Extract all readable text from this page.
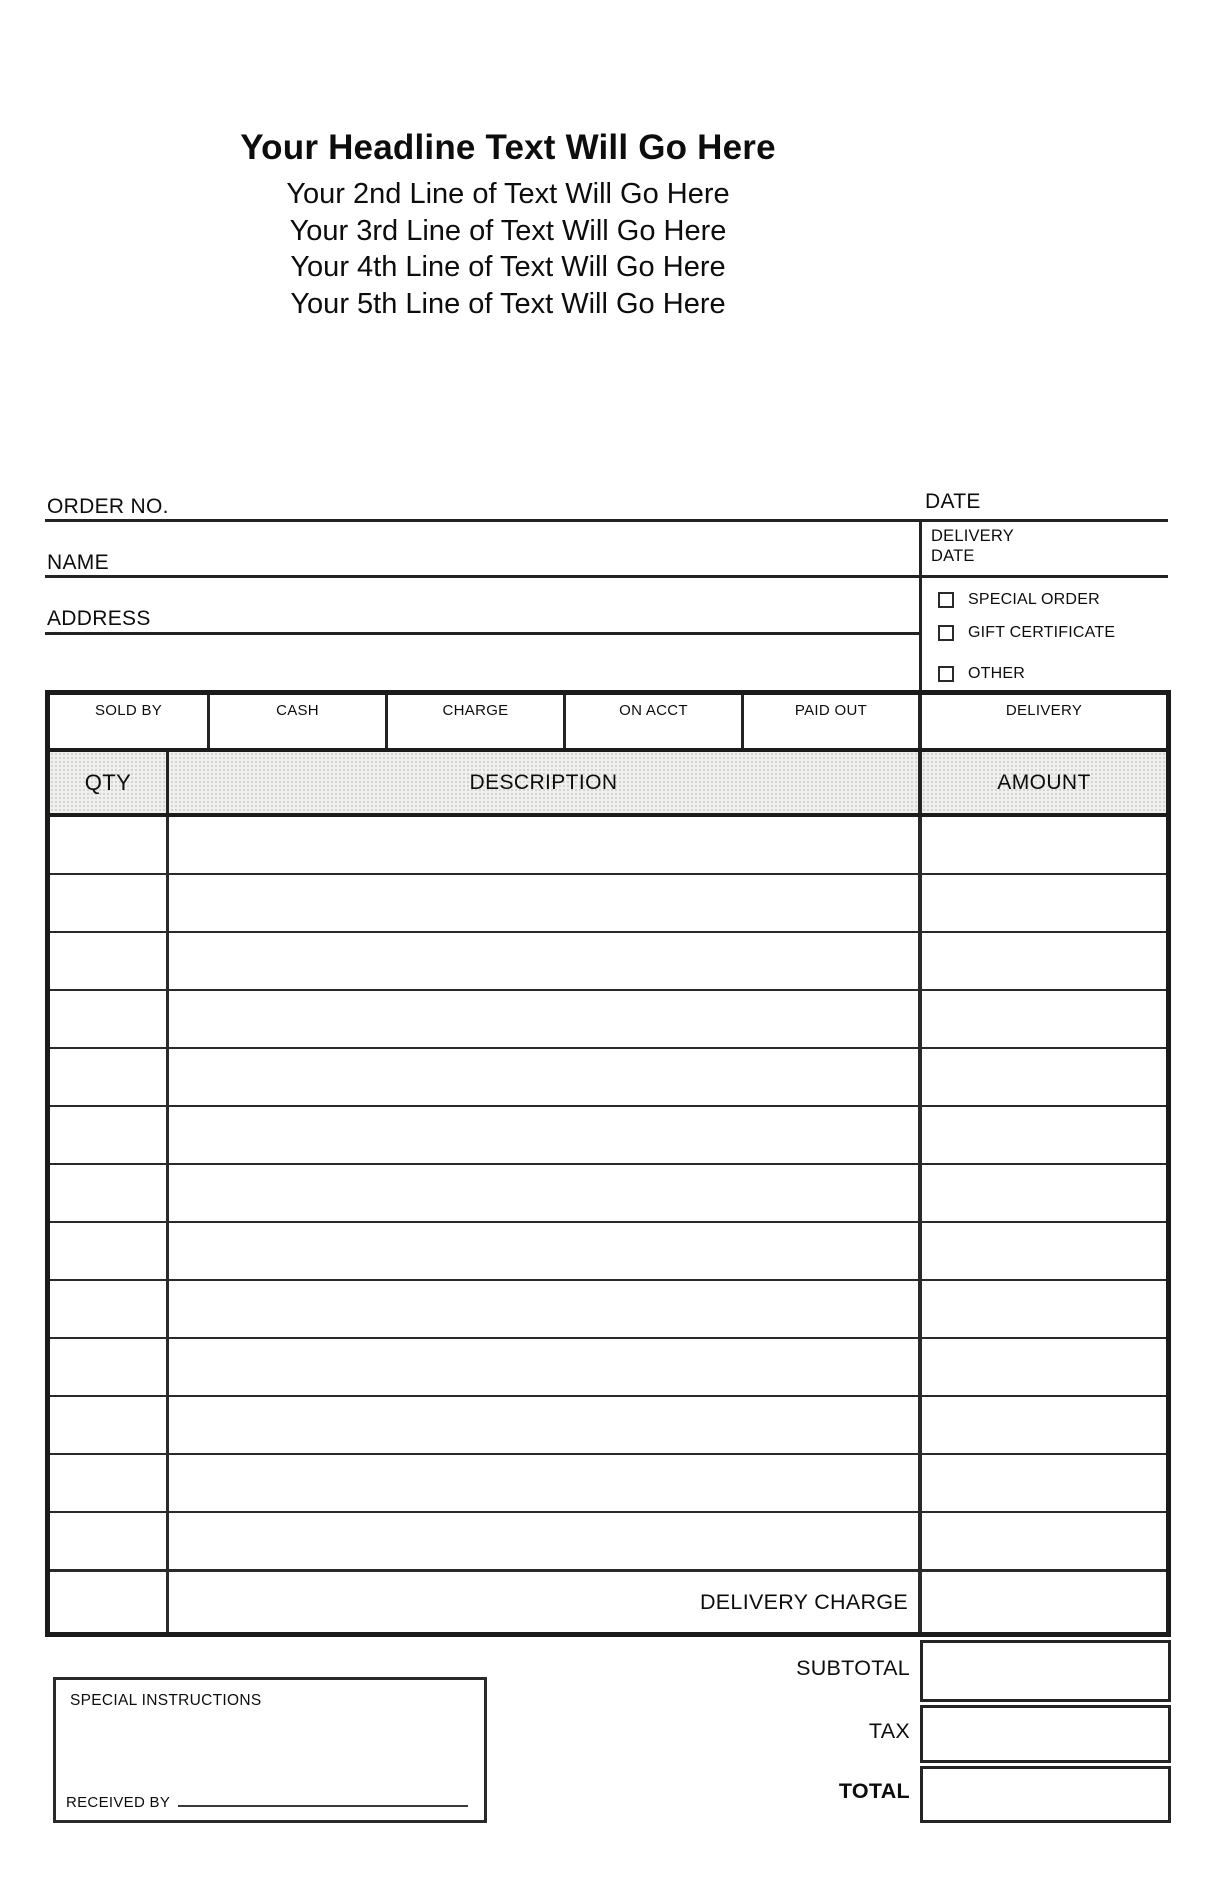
Your Headline Text Will Go Here
Your 2nd Line of Text Will Go Here
Your 3rd Line of Text Will Go Here
Your 4th Line of Text Will Go Here
Your 5th Line of Text Will Go Here
ORDER NO.	DATE
NAME
ADDRESS
DELIVERY
DATE
SPECIAL ORDER
GIFT CERTIFICATE
OTHER
SOLD BY	CASH	CHARGE	ON ACCT	PAID OUT	DELIVERY
QTY	DESCRIPTION	AMOUNT
DELIVERY CHARGE
SUBTOTAL
TAX
TOTAL
SPECIAL INSTRUCTIONS
RECEIVED BY
